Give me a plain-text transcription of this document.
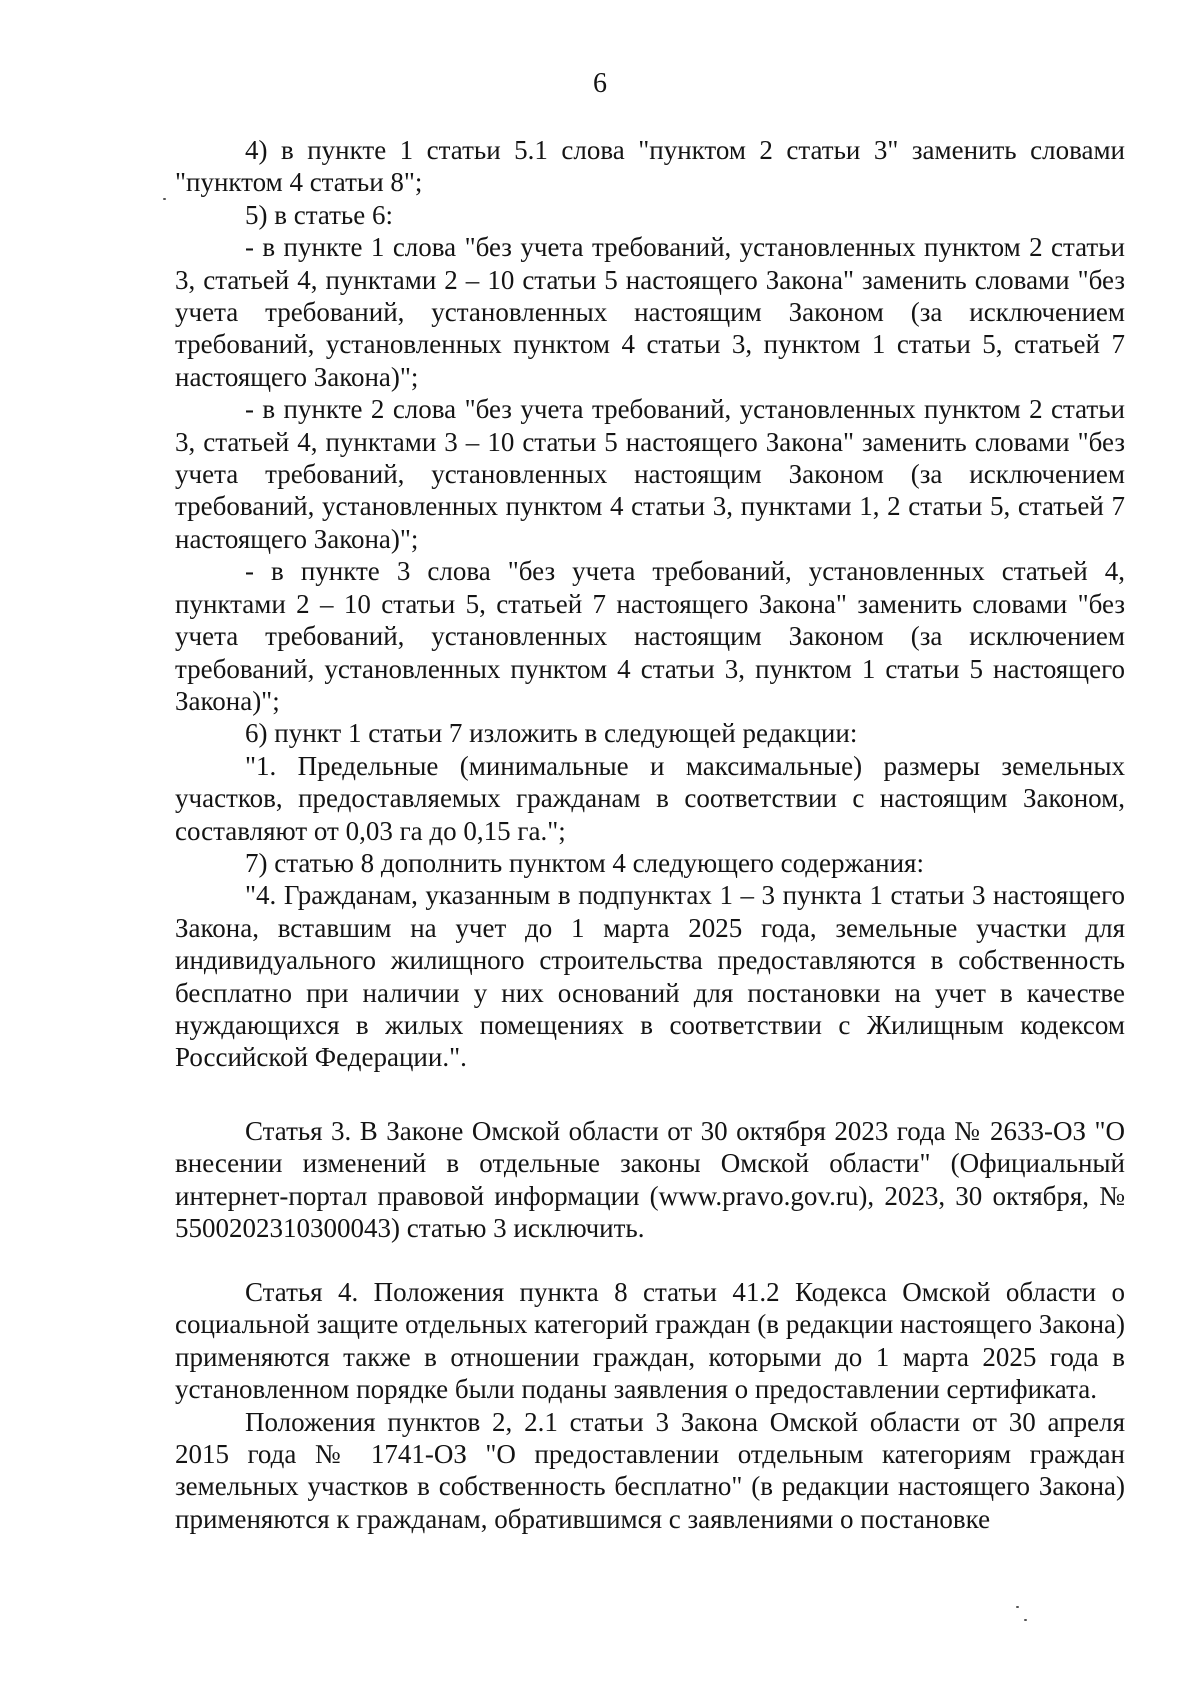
6

4) в пункте 1 статьи 5.1 слова "пунктом 2 статьи 3" заменить словами "пунктом 4 статьи 8";

5) в статье 6:

- в пункте 1 слова "без учета требований, установленных пунктом 2 статьи 3, статьей 4, пунктами 2 – 10 статьи 5 настоящего Закона" заменить словами "без учета требований, установленных настоящим Законом (за исключением требований, установленных пунктом 4 статьи 3, пунктом 1 статьи 5, статьей 7 настоящего Закона)";

- в пункте 2 слова "без учета требований, установленных пунктом 2 статьи 3, статьей 4, пунктами 3 – 10 статьи 5 настоящего Закона" заменить словами "без учета требований, установленных настоящим Законом (за исключением требований, установленных пунктом 4 статьи 3, пунктами 1, 2 статьи 5, статьей 7 настоящего Закона)";

- в пункте 3 слова "без учета требований, установленных статьей 4, пунктами 2 – 10 статьи 5, статьей 7 настоящего Закона" заменить словами "без учета требований, установленных настоящим Законом (за исключением требований, установленных пунктом 4 статьи 3, пунктом 1 статьи 5 настоящего Закона)";

6) пункт 1 статьи 7 изложить в следующей редакции:

"1. Предельные (минимальные и максимальные) размеры земельных участков, предоставляемых гражданам в соответствии с настоящим Законом, составляют от 0,03 га до 0,15 га.";

7) статью 8 дополнить пунктом 4 следующего содержания:

"4. Гражданам, указанным в подпунктах 1 – 3 пункта 1 статьи 3 настоящего Закона, вставшим на учет до 1 марта 2025 года, земельные участки для индивидуального жилищного строительства предоставляются в собственность бесплатно при наличии у них оснований для постановки на учет в качестве нуждающихся в жилых помещениях в соответствии с Жилищным кодексом Российской Федерации.".

Статья 3. В Законе Омской области от 30 октября 2023 года № 2633-ОЗ "О внесении изменений в отдельные законы Омской области" (Официальный интернет-портал правовой информации (www.pravo.gov.ru), 2023, 30 октября, № 5500202310300043) статью 3 исключить.

Статья 4. Положения пункта 8 статьи 41.2 Кодекса Омской области о социальной защите отдельных категорий граждан (в редакции настоящего Закона) применяются также в отношении граждан, которыми до 1 марта 2025 года в установленном порядке были поданы заявления о предоставлении сертификата.

Положения пунктов 2, 2.1 статьи 3 Закона Омской области от 30 апреля 2015 года № 1741-ОЗ "О предоставлении отдельным категориям граждан земельных участков в собственность бесплатно" (в редакции настоящего Закона) применяются к гражданам, обратившимся с заявлениями о постановке
